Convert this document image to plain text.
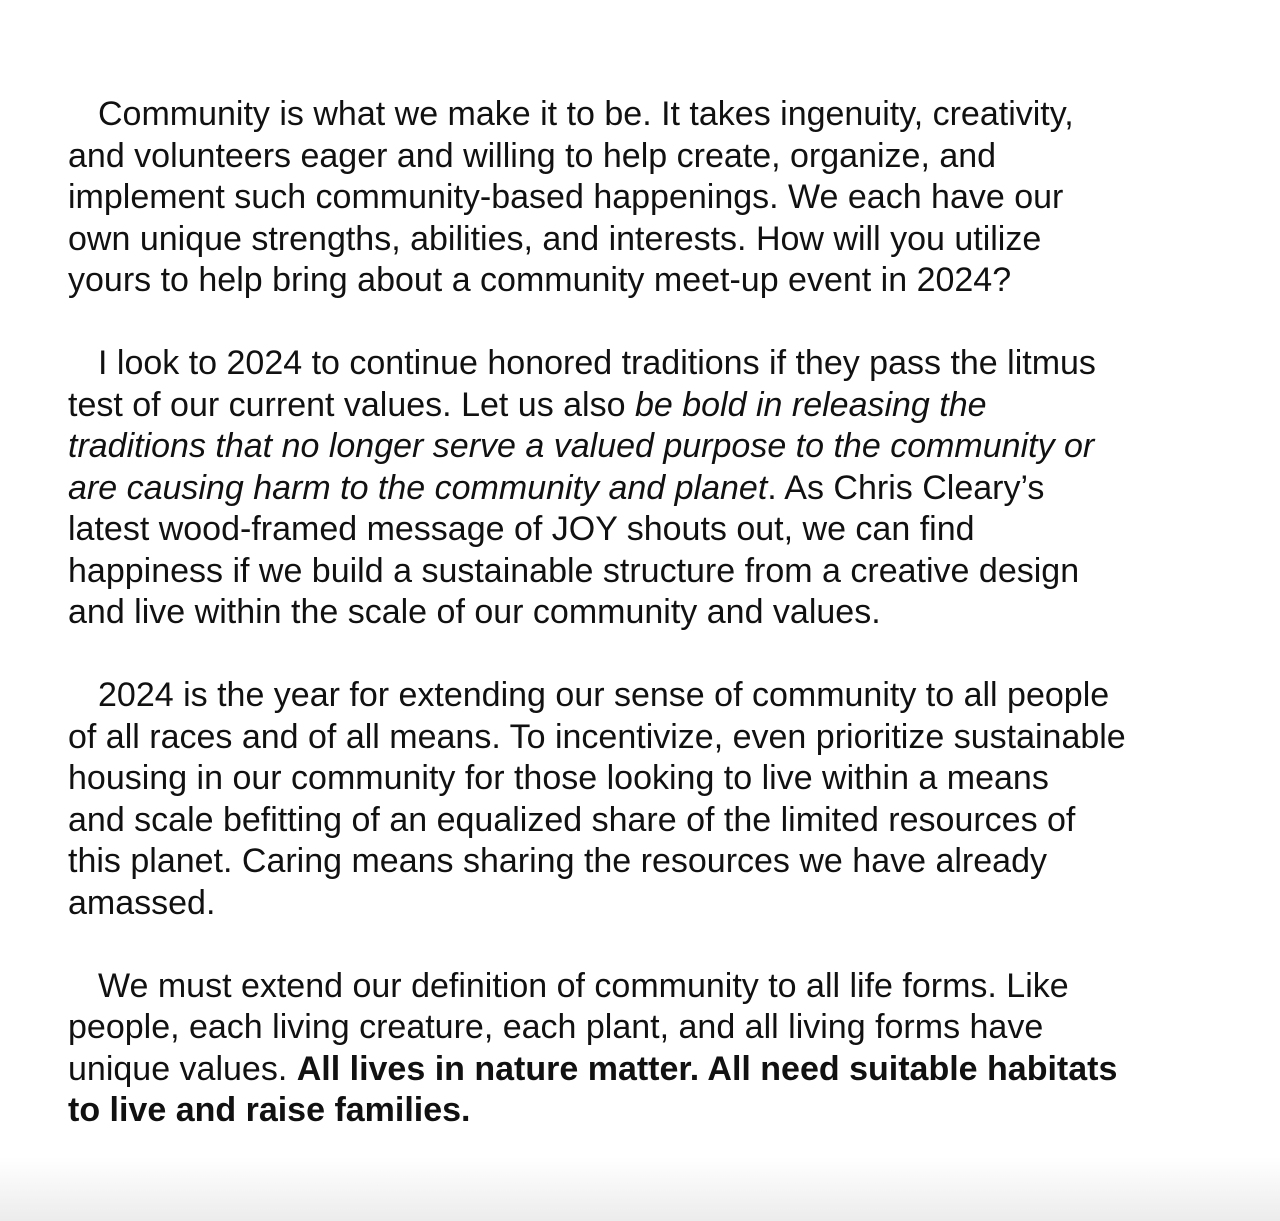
Community is what we make it to be. It takes ingenuity, creativity,
and volunteers eager and willing to help create, organize, and
implement such community-based happenings. We each have our
own unique strengths, abilities, and interests. How will you utilize
yours to help bring about a community meet-up event in 2024?

I look to 2024 to continue honored traditions if they pass the litmus
test of our current values. Let us also be bold in releasing the
traditions that no longer serve a valued purpose to the community or
are causing harm to the community and planet. As Chris Cleary’s
latest wood-framed message of JOY shouts out, we can find
happiness if we build a sustainable structure from a creative design
and live within the scale of our community and values.

2024 is the year for extending our sense of community to all people
of all races and of all means. To incentivize, even prioritize sustainable
housing in our community for those looking to live within a means
and scale befitting of an equalized share of the limited resources of
this planet. Caring means sharing the resources we have already
amassed.

We must extend our definition of community to all life forms. Like
people, each living creature, each plant, and all living forms have
unique values. All lives in nature matter. All need suitable habitats
to live and raise families.
